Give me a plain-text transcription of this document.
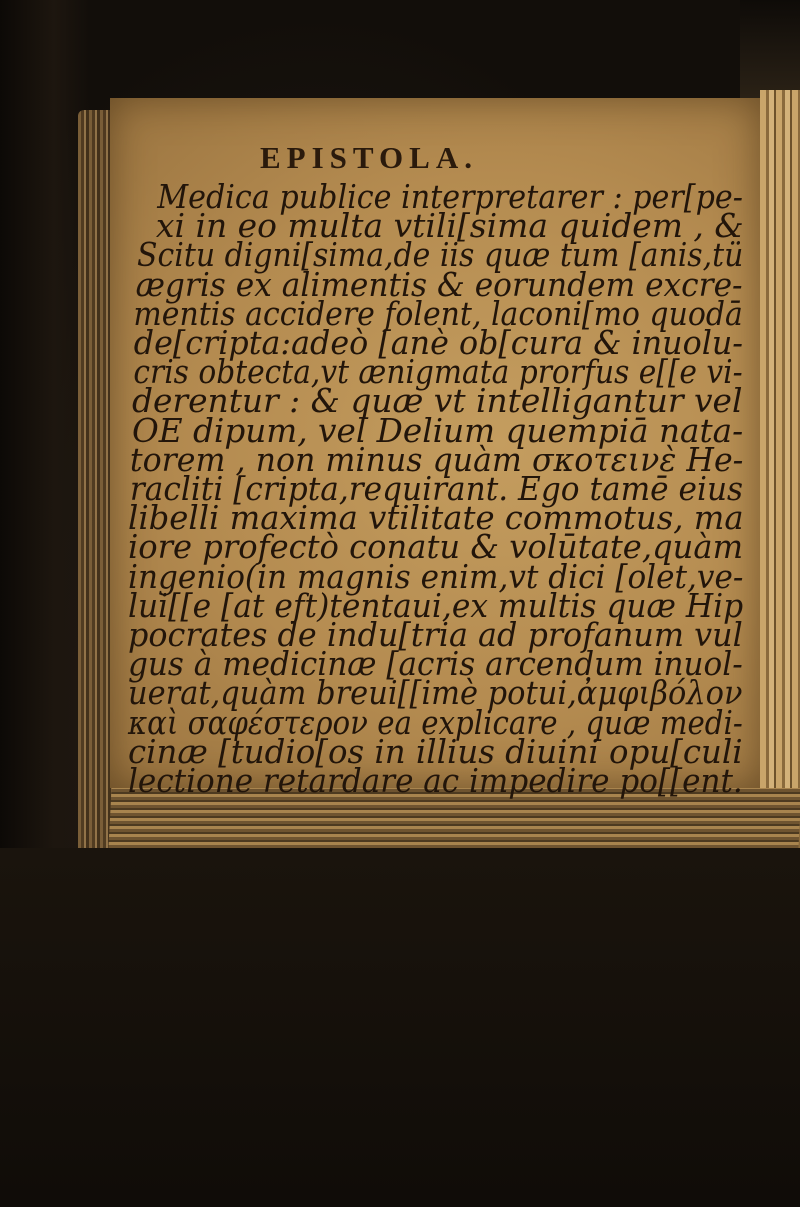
EPISTOLA.
Medica publice interpretarer : per[pe-
xi in eo multa vtili[sima quidem , &
Scitu digni[sima,de iis quæ tum [anis,tü
ægris ex alimentis & eorundem excre-
mentis accidere folent, laconi[mo quodā
de[cripta:adeò [anè ob[cura & inuolu-
cris obtecta,vt ænigmata prorfus e[[e vi-
derentur : & quæ vt intelligantur vel
OE dipum, vel Delium quempiā nata-
torem , non minus quàm σκοτεινὲ He-
racliti [cripta,requirant. Ego tamē eius
libelli maxima vtilitate commotus, ma
iore profectò conatu & volūtate,quàm
ingenio(in magnis enim,vt dici [olet,ve-
lui[[e [at eft)tentaui,ex multis quæ Hip
pocrates de indu[tria ad profanum vul
gus à medicinæ [acris arcendum inuol-
uerat,quàm breui[[imè potui,ἀμφιβόλον
καὶ σαφέστερον ea explicare , quæ medi-
cinæ [tudio[os in illius diuini opu[culi
lectione retardare ac impedire po[[ent.
